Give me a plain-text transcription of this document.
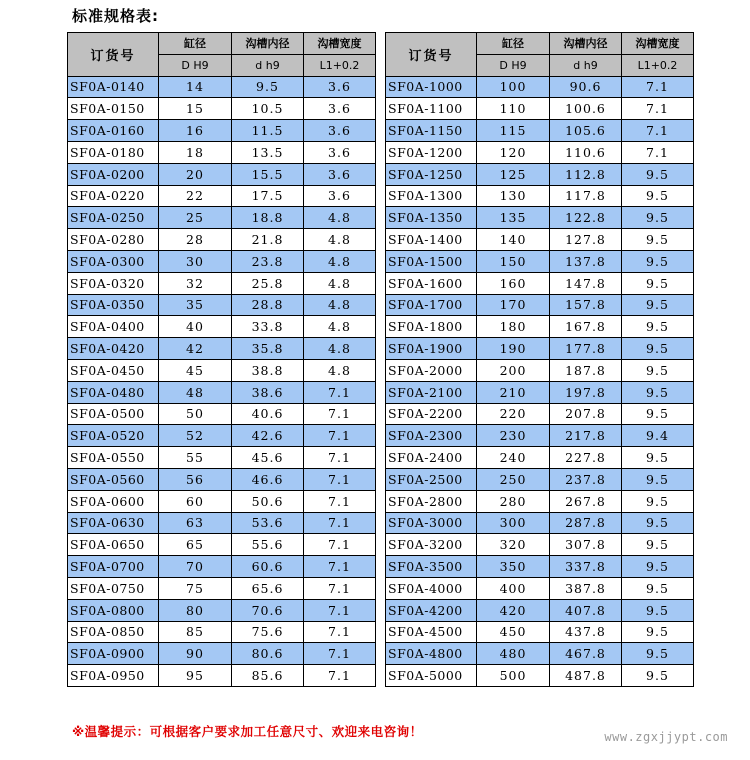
标准规格表:
订货号	缸径	沟槽内径	沟槽宽度
	D H9	d h9	L1+0.2
SF0A-0140	14	9.5	3.6
SF0A-0150	15	10.5	3.6
SF0A-0160	16	11.5	3.6
SF0A-0180	18	13.5	3.6
SF0A-0200	20	15.5	3.6
SF0A-0220	22	17.5	3.6
SF0A-0250	25	18.8	4.8
SF0A-0280	28	21.8	4.8
SF0A-0300	30	23.8	4.8
SF0A-0320	32	25.8	4.8
SF0A-0350	35	28.8	4.8
SF0A-0400	40	33.8	4.8
SF0A-0420	42	35.8	4.8
SF0A-0450	45	38.8	4.8
SF0A-0480	48	38.6	7.1
SF0A-0500	50	40.6	7.1
SF0A-0520	52	42.6	7.1
SF0A-0550	55	45.6	7.1
SF0A-0560	56	46.6	7.1
SF0A-0600	60	50.6	7.1
SF0A-0630	63	53.6	7.1
SF0A-0650	65	55.6	7.1
SF0A-0700	70	60.6	7.1
SF0A-0750	75	65.6	7.1
SF0A-0800	80	70.6	7.1
SF0A-0850	85	75.6	7.1
SF0A-0900	90	80.6	7.1
SF0A-0950	95	85.6	7.1
订货号	缸径	沟槽内径	沟槽宽度
	D H9	d h9	L1+0.2
SF0A-1000	100	90.6	7.1
SF0A-1100	110	100.6	7.1
SF0A-1150	115	105.6	7.1
SF0A-1200	120	110.6	7.1
SF0A-1250	125	112.8	9.5
SF0A-1300	130	117.8	9.5
SF0A-1350	135	122.8	9.5
SF0A-1400	140	127.8	9.5
SF0A-1500	150	137.8	9.5
SF0A-1600	160	147.8	9.5
SF0A-1700	170	157.8	9.5
SF0A-1800	180	167.8	9.5
SF0A-1900	190	177.8	9.5
SF0A-2000	200	187.8	9.5
SF0A-2100	210	197.8	9.5
SF0A-2200	220	207.8	9.5
SF0A-2300	230	217.8	9.4
SF0A-2400	240	227.8	9.5
SF0A-2500	250	237.8	9.5
SF0A-2800	280	267.8	9.5
SF0A-3000	300	287.8	9.5
SF0A-3200	320	307.8	9.5
SF0A-3500	350	337.8	9.5
SF0A-4000	400	387.8	9.5
SF0A-4200	420	407.8	9.5
SF0A-4500	450	437.8	9.5
SF0A-4800	480	467.8	9.5
SF0A-5000	500	487.8	9.5
※温馨提示：可根据客户要求加工任意尺寸、欢迎来电咨询！	www.zgxjjypt.com
